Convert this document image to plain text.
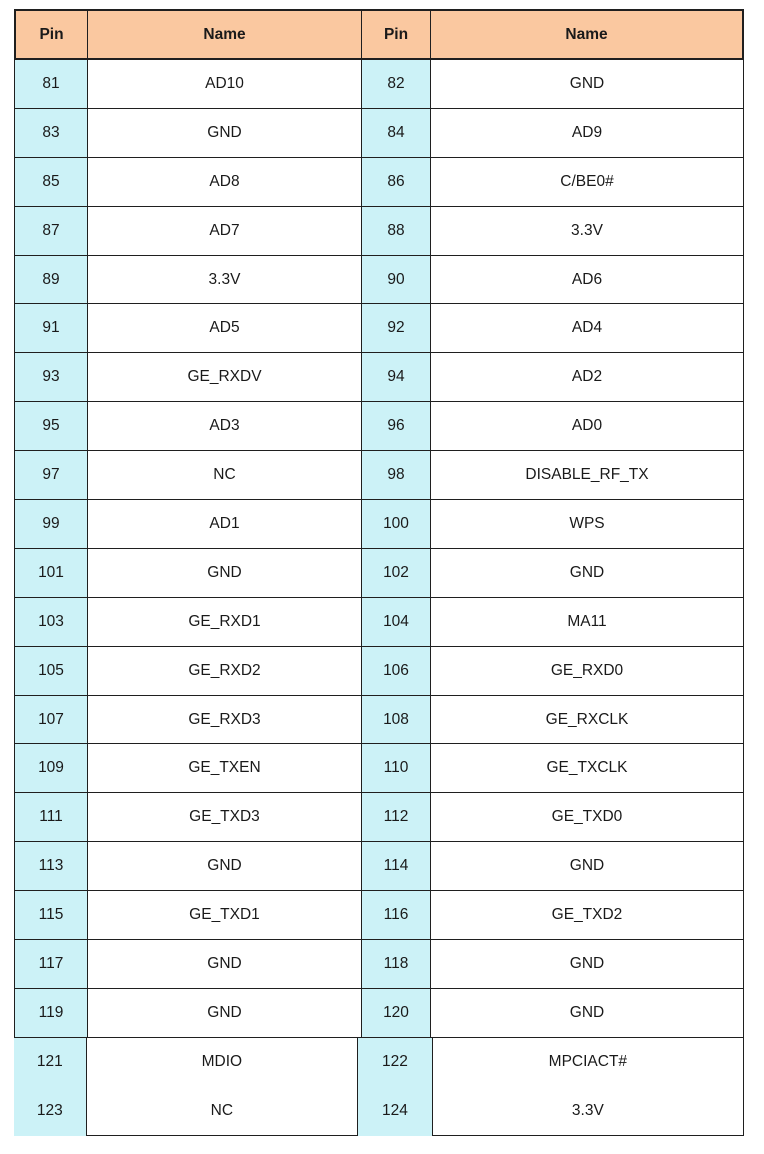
Pin	Name	Pin	Name
81	AD10	82	GND
83	GND	84	AD9
85	AD8	86	C/BE0#
87	AD7	88	3.3V
89	3.3V	90	AD6
91	AD5	92	AD4
93	GE_RXDV	94	AD2
95	AD3	96	AD0
97	NC	98	DISABLE_RF_TX
99	AD1	100	WPS
101	GND	102	GND
103	GE_RXD1	104	MA11
105	GE_RXD2	106	GE_RXD0
107	GE_RXD3	108	GE_RXCLK
109	GE_TXEN	110	GE_TXCLK
111	GE_TXD3	112	GE_TXD0
113	GND	114	GND
115	GE_TXD1	116	GE_TXD2
117	GND	118	GND
119	GND	120	GND
121	MDIO	122	MPCIACT#
123	NC	124	3.3V
